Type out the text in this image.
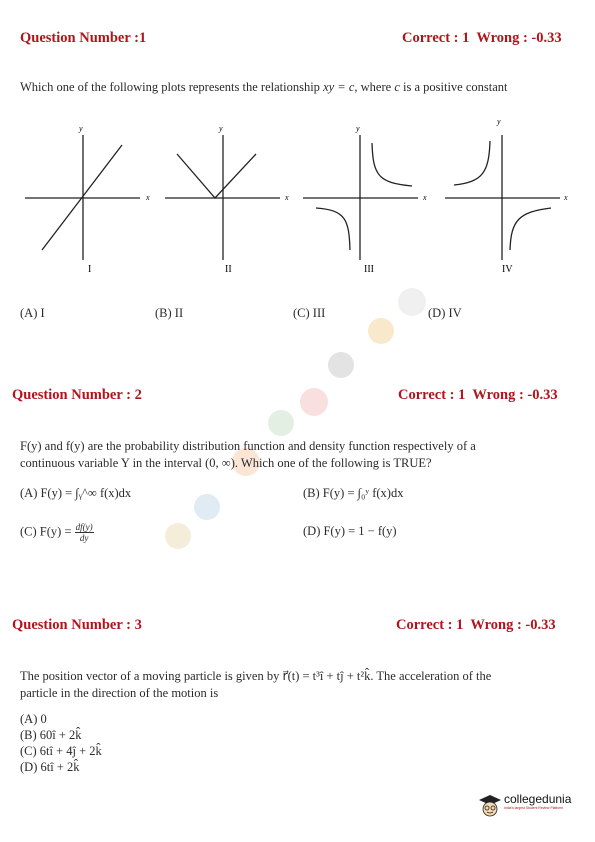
Question Number :1	Correct : 1  Wrong : -0.33
Which one of the following plots represents the relationship xy = c, where c is a positive constant
y
x
I
y
x
II
y
x
III
y
x
IV
(A) I	(B) II	(C) III	(D) IV
Question Number : 2	Correct : 1  Wrong : -0.33
F(y) and f(y) are the probability distribution function and density function respectively of a
continuous variable Y in the interval (0, ∞). Which one of the following is TRUE?
(A) F(y) = ∫ᵧ^∞ f(x)dx	(B) F(y) = ∫₀ʸ f(x)dx
(C) $F(y) = \frac{df(y)}{dy}$	(D) F(y) = 1 − f(y)
Question Number : 3	Correct : 1  Wrong : -0.33
The position vector of a moving particle is given by r⃗(t) = t³î + tĵ + t²k̂. The acceleration of the
particle in the direction of the motion is
(A) 0
(B) 60î + 2k̂
(C) 6tî + 4ĵ + 2k̂
(D) 6tî + 2k̂
collegedunia
India's largest Student Review Platform
